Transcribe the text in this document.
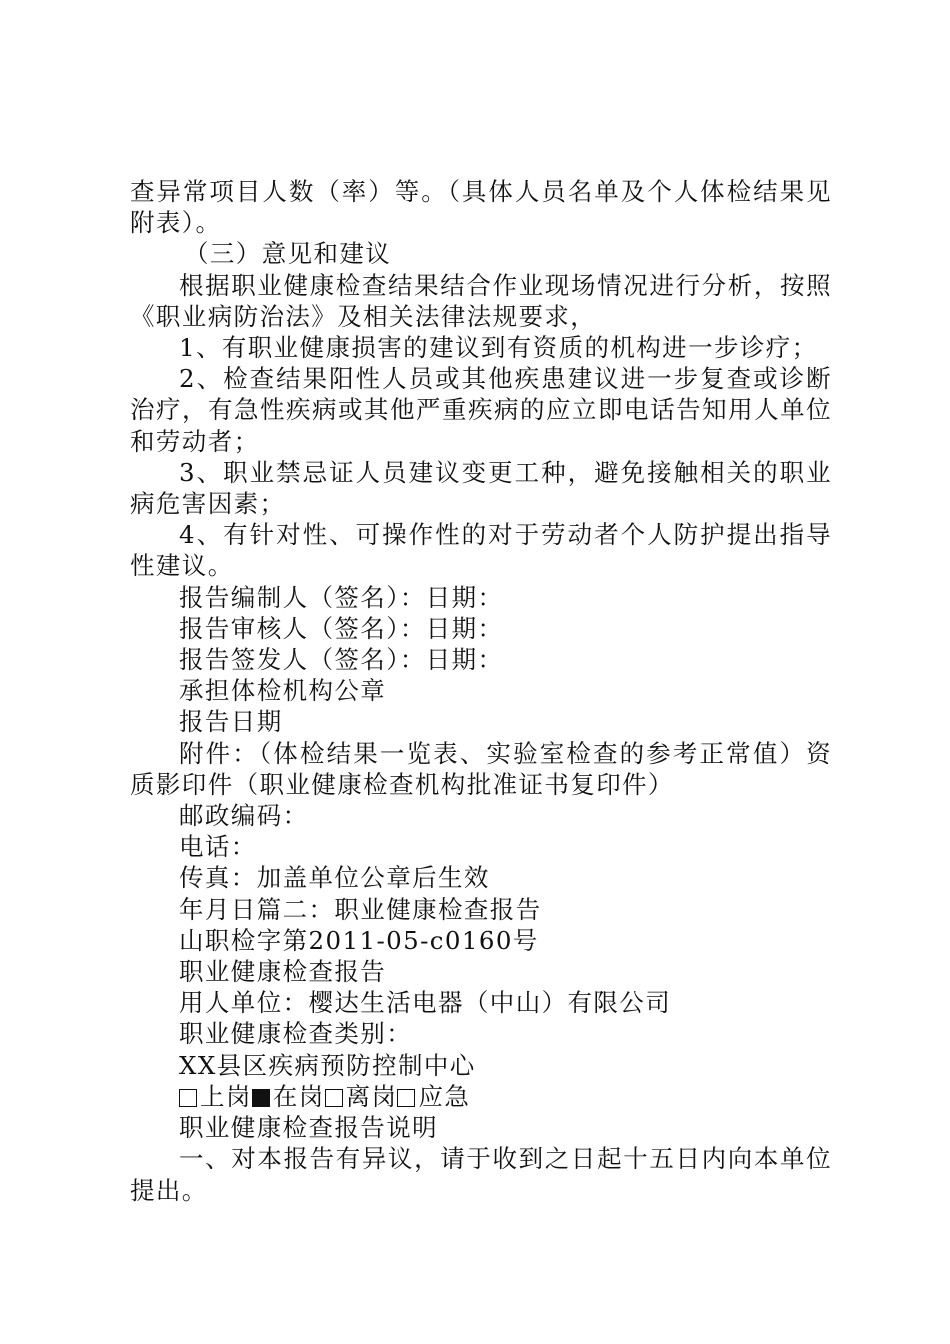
查异常项目人数（率）等。（具体人员名单及个人体检结果见附表）。

（三）意见和建议

根据职业健康检查结果结合作业现场情况进行分析，按照《职业病防治法》及相关法律法规要求，

1、有职业健康损害的建议到有资质的机构进一步诊疗；

2、检查结果阳性人员或其他疾患建议进一步复查或诊断治疗，有急性疾病或其他严重疾病的应立即电话告知用人单位和劳动者；

3、职业禁忌证人员建议变更工种，避免接触相关的职业病危害因素；

4、有针对性、可操作性的对于劳动者个人防护提出指导性建议。

报告编制人（签名）：日期：

报告审核人（签名）：日期：

报告签发人（签名）：日期：

承担体检机构公章

报告日期

附件：（体检结果一览表、实验室检查的参考正常值）资质影印件（职业健康检查机构批准证书复印件）

邮政编码：

电话：

传真：加盖单位公章后生效

年月日篇二：职业健康检查报告

山职检字第2011-05-c0160号

职业健康检查报告

用人单位：樱达生活电器（中山）有限公司

职业健康检查类别：

XX县区疾病预防控制中心

上岗 在岗 离岗 应急

职业健康检查报告说明

一、对本报告有异议，请于收到之日起十五日内向本单位提出。
